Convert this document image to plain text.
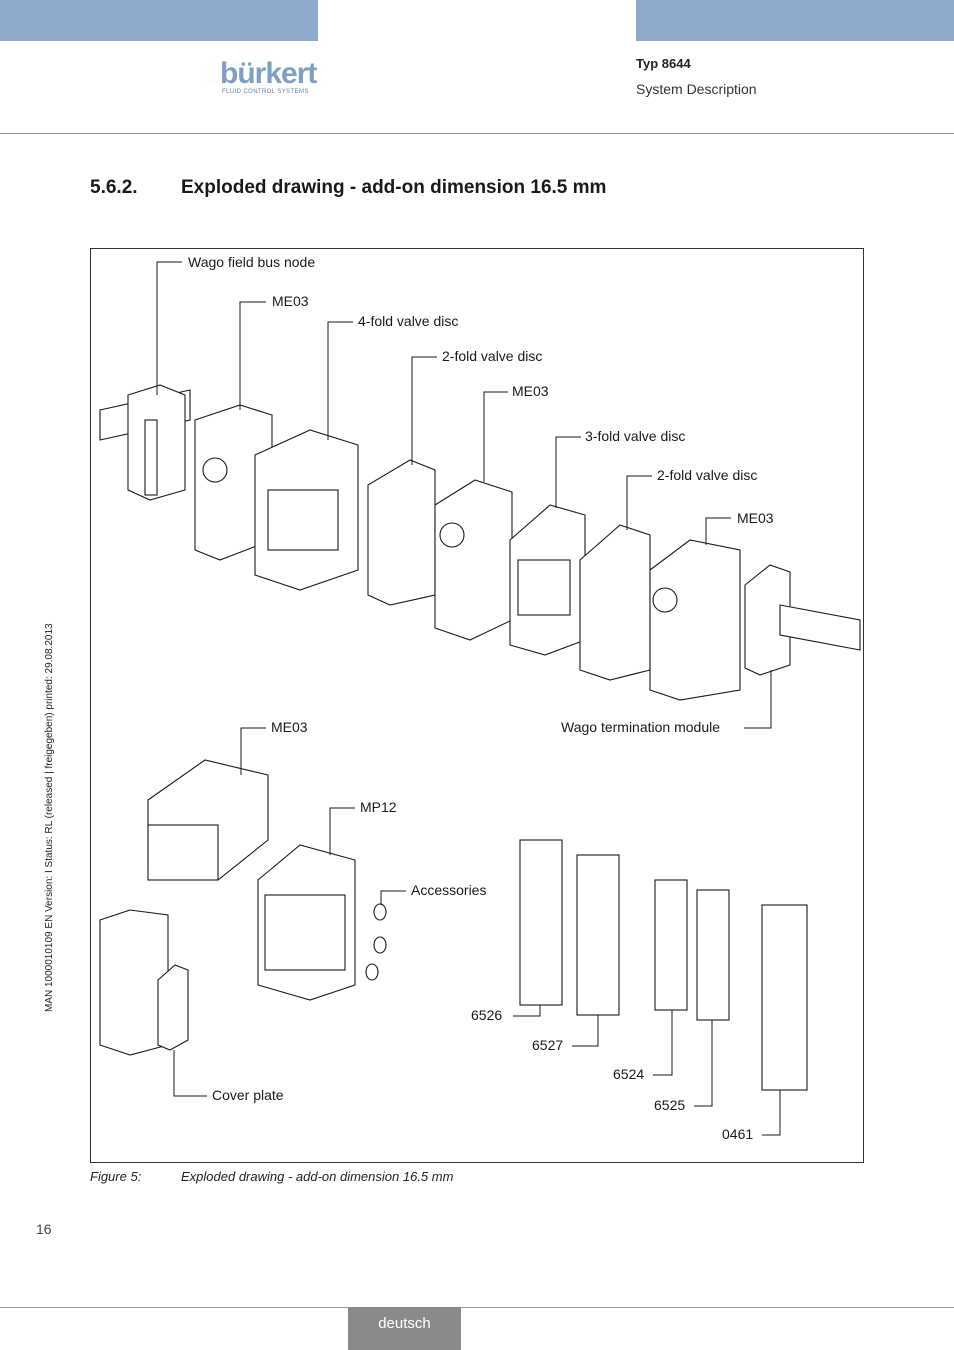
bürkert
FLUID CONTROL SYSTEMS
Typ 8644
System Description
5.6.2. Exploded drawing - add-on dimension 16.5 mm
Wago field bus node
ME03
4-fold valve disc
2-fold valve disc
ME03
3-fold valve disc
2-fold valve disc
ME03
Wago termination module
ME03
MP12
Accessories
Cover plate
6526
6527
6524
6525
0461
Figure 5:	Exploded drawing - add-on dimension 16.5 mm
16
MAN 1000010109 EN Version: I Status: RL (released | freigegeben) printed: 29.08.2013
deutsch
